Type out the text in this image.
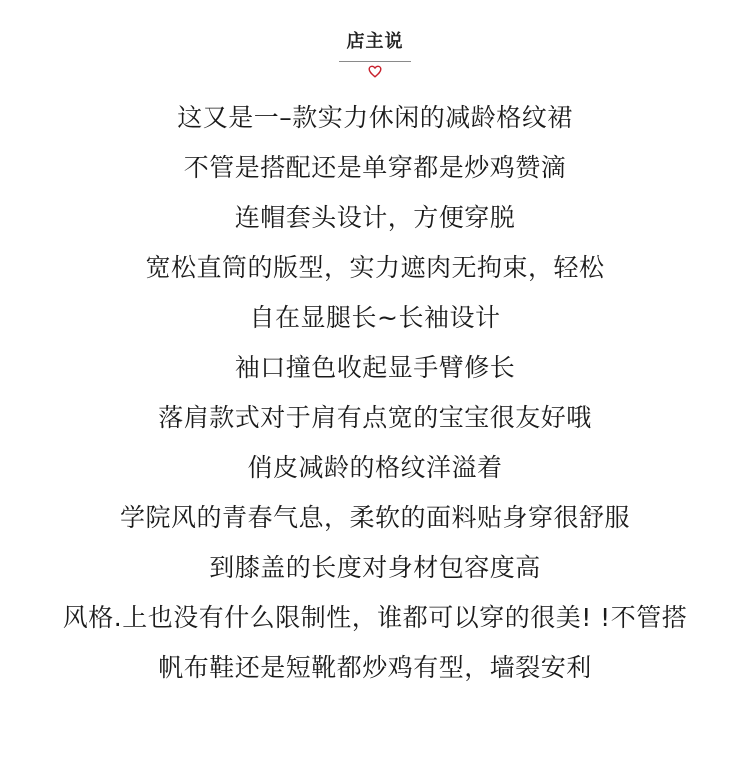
店主说
这又是一–款实力休闲的减龄格纹裙
不管是搭配还是单穿都是炒鸡赞滴
连帽套头设计，方便穿脱
宽松直筒的版型，实力遮肉无拘束，轻松
自在显腿长~长袖设计
袖口撞色收起显手臂修长
落肩款式对于肩有点宽的宝宝很友好哦
俏皮减龄的格纹洋溢着
学院风的青春气息，柔软的面料贴身穿很舒服
到膝盖的长度对身材包容度高
风格.上也没有什么限制性，谁都可以穿的很美! !不管搭
帆布鞋还是短靴都炒鸡有型，墙裂安利
